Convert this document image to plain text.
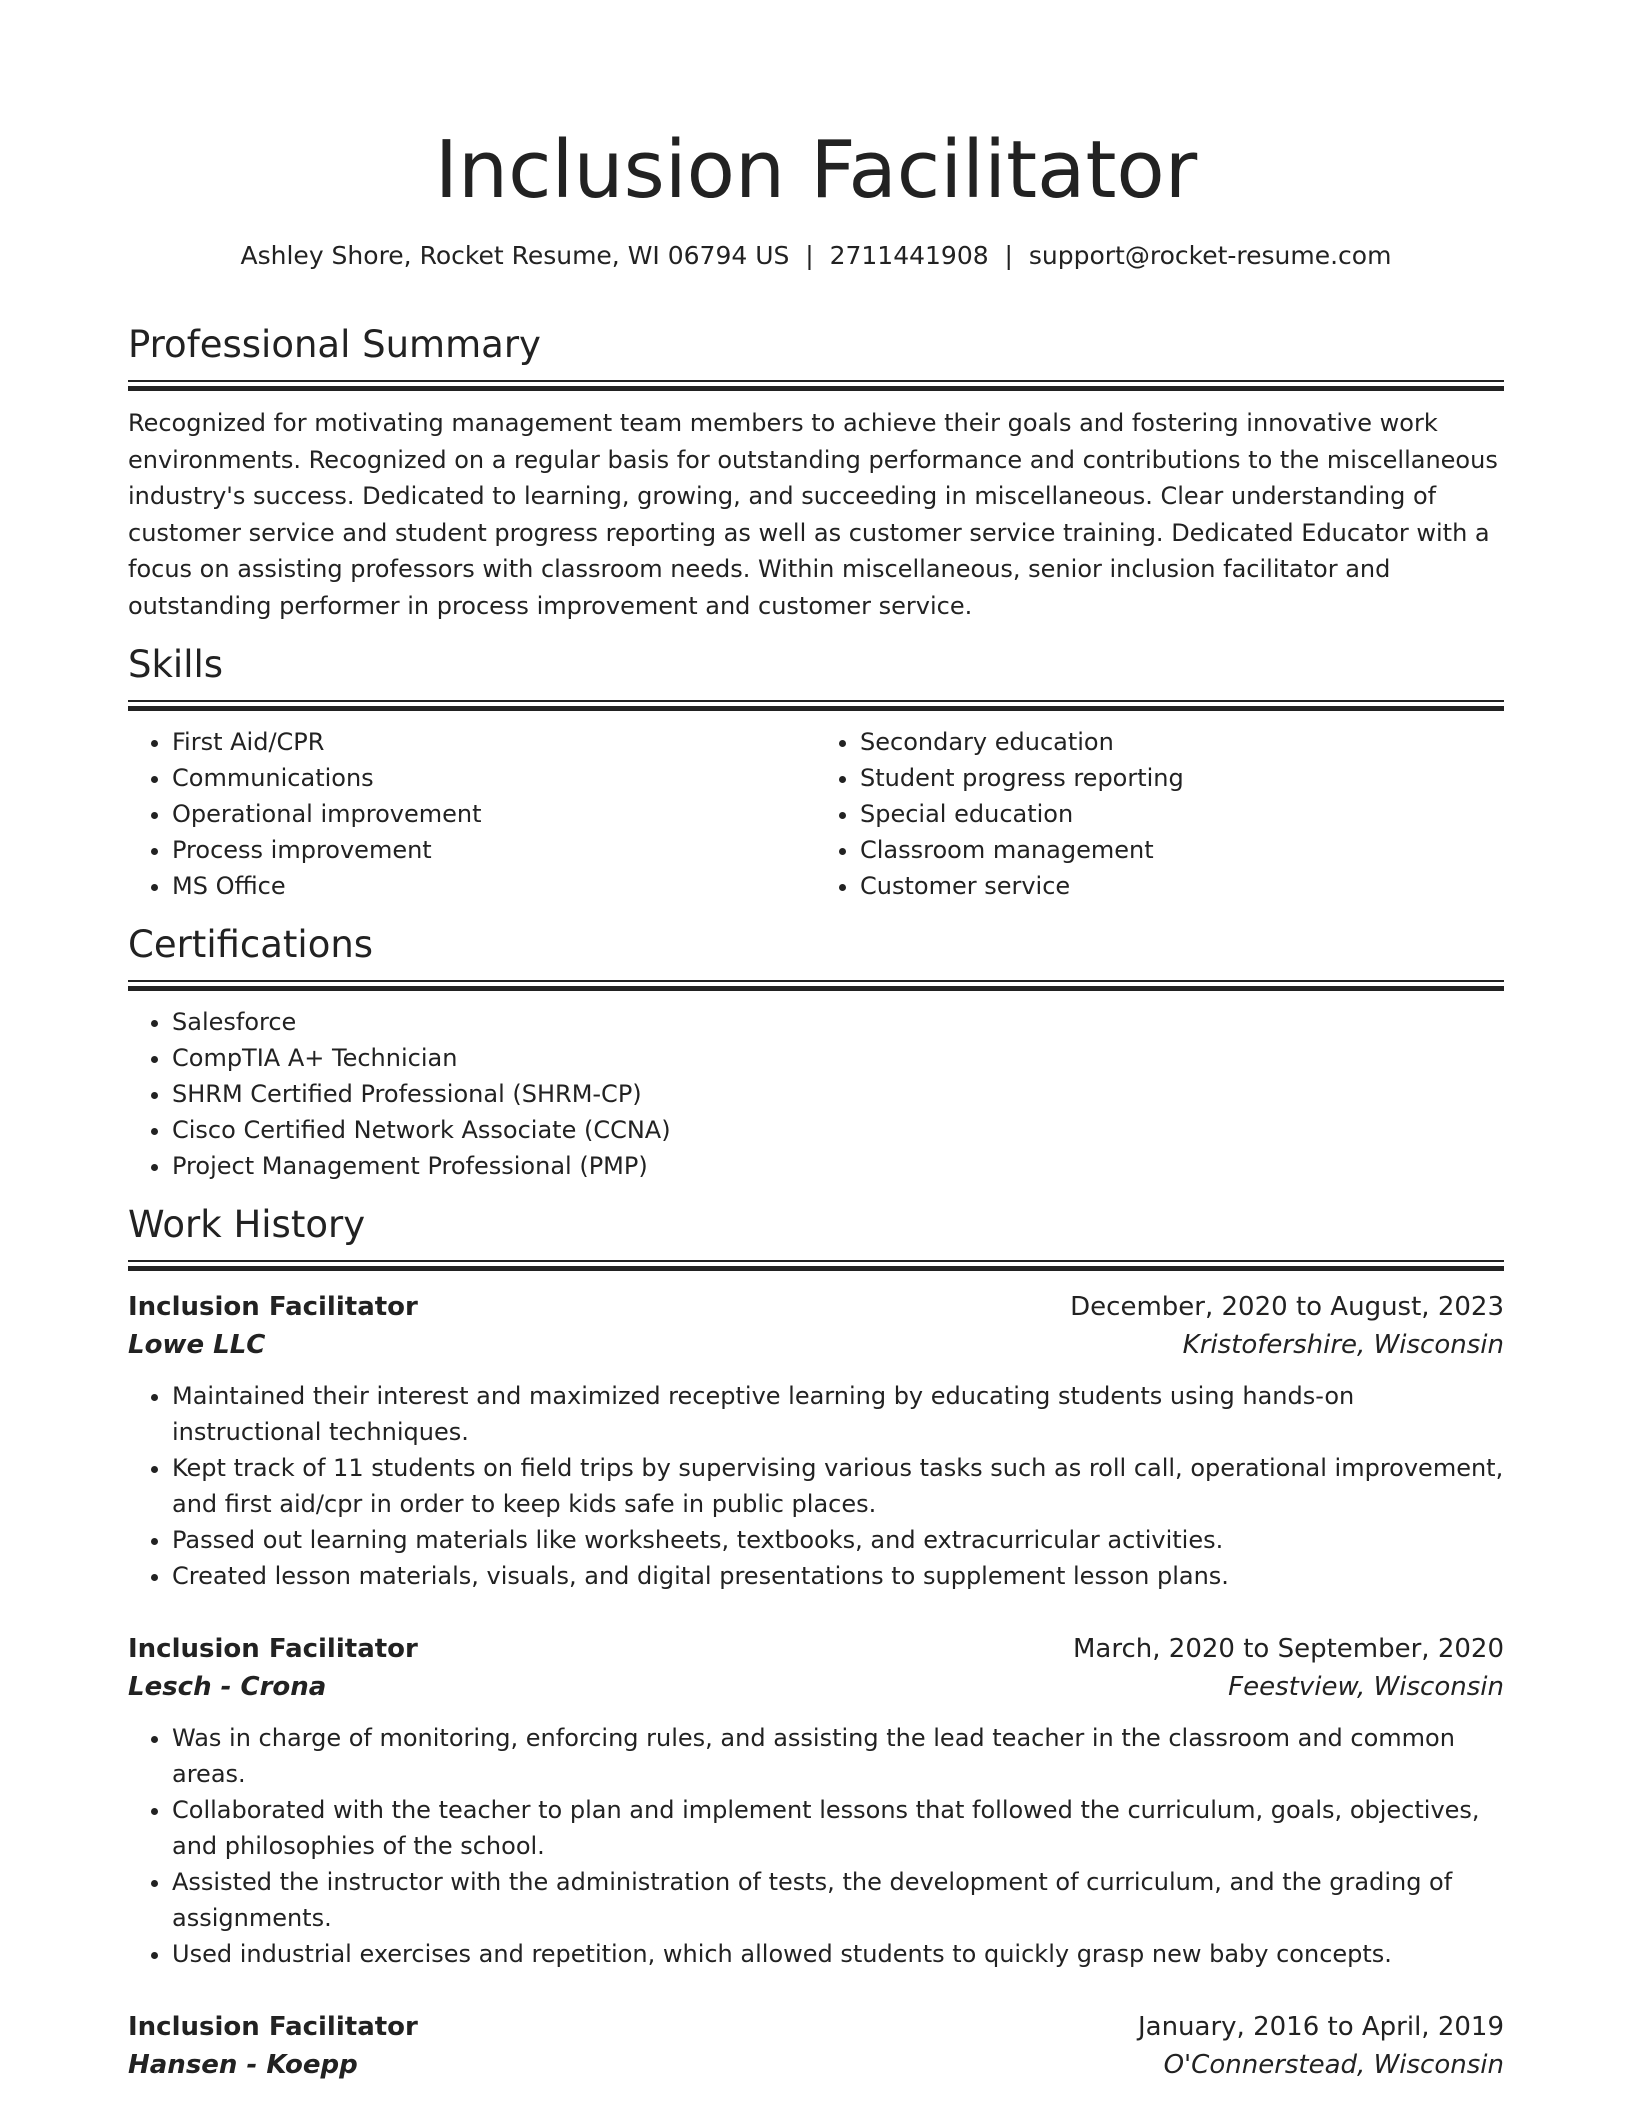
Inclusion Facilitator
Ashley Shore, Rocket Resume, WI 06794 US  |  2711441908  |  support@rocket-resume.com
Professional Summary

Recognized for motivating management team members to achieve their goals and fostering innovative work environments. Recognized on a regular basis for outstanding performance and contributions to the miscellaneous industry's success. Dedicated to learning, growing, and succeeding in miscellaneous. Clear understanding of customer service and student progress reporting as well as customer service training. Dedicated Educator with a focus on assisting professors with classroom needs. Within miscellaneous, senior inclusion facilitator and outstanding performer in process improvement and customer service.

Skills
• First Aid/CPR
• Communications
• Operational improvement
• Process improvement
• MS Office
• Secondary education
• Student progress reporting
• Special education
• Classroom management
• Customer service
Certifications
• Salesforce
• CompTIA A+ Technician
• SHRM Certified Professional (SHRM-CP)
• Cisco Certified Network Associate (CCNA)
• Project Management Professional (PMP)
Work History
Inclusion Facilitator	December, 2020 to August, 2023
Lowe LLC	Kristofershire, Wisconsin
• Maintained their interest and maximized receptive learning by educating students using hands-on instructional techniques.
• Kept track of 11 students on field trips by supervising various tasks such as roll call, operational improvement, and first aid/cpr in order to keep kids safe in public places.
• Passed out learning materials like worksheets, textbooks, and extracurricular activities.
• Created lesson materials, visuals, and digital presentations to supplement lesson plans.
Inclusion Facilitator	March, 2020 to September, 2020
Lesch - Crona	Feestview, Wisconsin
• Was in charge of monitoring, enforcing rules, and assisting the lead teacher in the classroom and common areas.
• Collaborated with the teacher to plan and implement lessons that followed the curriculum, goals, objectives, and philosophies of the school.
• Assisted the instructor with the administration of tests, the development of curriculum, and the grading of assignments.
• Used industrial exercises and repetition, which allowed students to quickly grasp new baby concepts.
Inclusion Facilitator	January, 2016 to April, 2019
Hansen - Koepp	O'Connerstead, Wisconsin
